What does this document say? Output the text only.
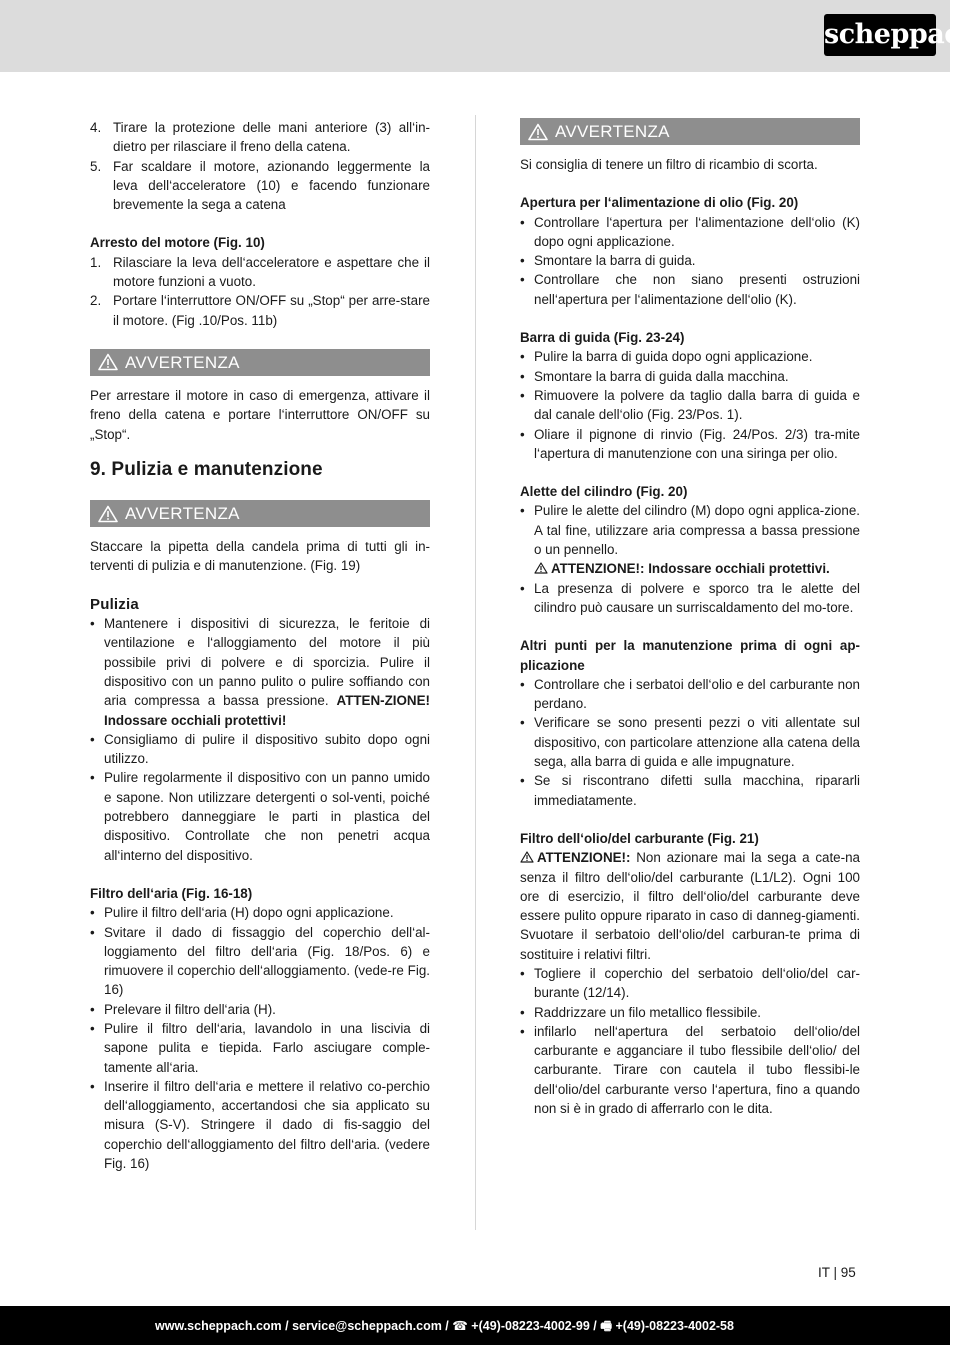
scheppach
4. Tirare la protezione delle mani anteriore (3) all‘in-dietro per rilasciare il freno della catena.
5. Far scaldare il motore, azionando leggermente la leva dell‘acceleratore (10) e facendo funzionare brevemente la sega a catena

Arresto del motore (Fig. 10)

1. Rilasciare la leva dell‘acceleratore e aspettare che il motore funzioni a vuoto.
2. Portare l‘interruttore ON/OFF su „Stop“ per arre-stare il motore. (Fig .10/Pos. 11b)
AVVERTENZA

Per arrestare il motore in caso di emergenza, attivare il freno della catena e portare l‘interruttore ON/OFF su „Stop“.

9. Pulizia e manutenzione

AVVERTENZA

Staccare la pipetta della candela prima di tutti gli in-terventi di pulizia e di manutenzione. (Fig. 19)

Pulizia

• Mantenere i dispositivi di sicurezza, le feritoie di ventilazione e l‘alloggiamento del motore il più possibile privi di polvere e di sporcizia. Pulire il dispositivo con un panno pulito o pulire soffiando con aria compressa a bassa pressione. ATTEN-ZIONE! Indossare occhiali protettivi!
• Consigliamo di pulire il dispositivo subito dopo ogni utilizzo.
• Pulire regolarmente il dispositivo con un panno umido e sapone. Non utilizzare detergenti o sol-venti, poiché potrebbero danneggiare le parti in plastica del dispositivo. Controllate che non penetri acqua all‘interno del dispositivo.

Filtro dell‘aria (Fig. 16-18)

• Pulire il filtro dell‘aria (H) dopo ogni applicazione.
• Svitare il dado di fissaggio del coperchio dell‘al-loggiamento del filtro dell‘aria (Fig. 18/Pos. 6) e rimuovere il coperchio dell‘alloggiamento. (vede-re Fig. 16)
• Prelevare il filtro dell‘aria (H).
• Pulire il filtro dell‘aria, lavandolo in una liscivia di sapone pulita e tiepida. Farlo asciugare comple-tamente all‘aria.
• Inserire il filtro dell‘aria e mettere il relativo co-perchio dell‘alloggiamento, accertandosi che sia applicato su misura (S-V). Stringere il dado di fis-saggio del coperchio dell‘alloggiamento del filtro dell‘aria. (vedere Fig. 16)
AVVERTENZA

Si consiglia di tenere un filtro di ricambio di scorta.

Apertura per l‘alimentazione di olio (Fig. 20)

• Controllare l‘apertura per l‘alimentazione dell‘olio (K) dopo ogni applicazione.
• Smontare la barra di guida.
• Controllare che non siano presenti ostruzioni nell‘apertura per l‘alimentazione dell‘olio (K).

Barra di guida (Fig. 23-24)

• Pulire la barra di guida dopo ogni applicazione.
• Smontare la barra di guida dalla macchina.
• Rimuovere la polvere da taglio dalla barra di guida e dal canale dell‘olio (Fig. 23/Pos. 1).
• Oliare il pignone di rinvio (Fig. 24/Pos. 2/3) tra-mite l‘apertura di manutenzione con una siringa per olio.

Alette del cilindro (Fig. 20)

• Pulire le alette del cilindro (M) dopo ogni applica-zione. A tal fine, utilizzare aria compressa a bassa pressione o un pennello.
ATTENZIONE!: Indossare occhiali protettivi.
• La presenza di polvere e sporco tra le alette del cilindro può causare un surriscaldamento del mo-tore.

Altri punti per la manutenzione prima di ogni ap-plicazione

• Controllare che i serbatoi dell‘olio e del carburante non perdano.
• Verificare se sono presenti pezzi o viti allentate sul dispositivo, con particolare attenzione alla catena della sega, alla barra di guida e alle impugnature.
• Se si riscontrano difetti sulla macchina, ripararli immediatamente.

Filtro dell‘olio/del carburante (Fig. 21)

ATTENZIONE!: Non azionare mai la sega a cate-na senza il filtro dell‘olio/del carburante (L1/L2). Ogni 100 ore di esercizio, il filtro dell‘olio/del carburante deve essere pulito oppure riparato in caso di danneg-giamenti. Svuotare il serbatoio dell‘olio/del carburan-te prima di sostituire i relativi filtri.

• Togliere il coperchio del serbatoio dell‘olio/del car-burante (12/14).
• Raddrizzare un filo metallico flessibile.
• infilarlo nell‘apertura del serbatoio dell‘olio/del carburante e agganciare il tubo flessibile dell‘olio/ del carburante. Tirare con cautela il tubo flessibi-le dell‘olio/del carburante verso l‘apertura, fino a quando non si è in grado di afferrarlo con le dita.
IT | 95
www.scheppach.com / service@scheppach.com / ☎ +(49)-08223-4002-99 / 🖷 +(49)-08223-4002-58
